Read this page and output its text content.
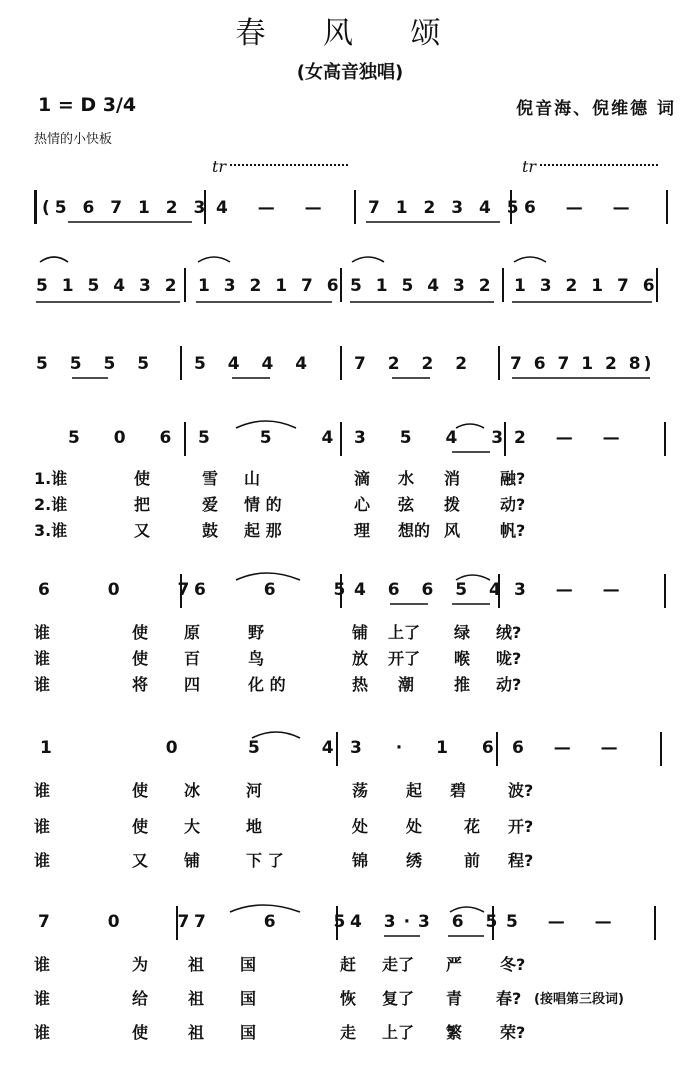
春 风 颂
(女高音独唱)
1 = D 3/4	倪音海、倪维德 词
热情的小快板
tr	tr
(5 6 7 1 2 3 4 — — 7 1 2 3 4 5 6 — —
5 1 5 4 3 2 1 3 2 1 7 6 5 1 5 4 3 2 1 3 2 1 7 6
5 5 5 5 5 4 4 4 7 2 2 2 7 6 7 1 2 8)
5 0 6 5 5 4
3 5 4 3
2 — —
1.谁	使	雪 山	滴 水 消 融?
2.谁	把	爱 情 的	心 弦 拨 动?
3.谁	又	鼓 起 那	理 想的 风 帆?
6 0 7
6 6 5
4 6 6 5 4 3 — —
谁	使 原	野	铺 上了 绿 绒?
谁	使 百	鸟	放 开了 喉 咙?
谁	将 四	化 的	热 潮 推 动?
1 0 5 4
3 · 1 6 6 — —
谁	使 冰	河	荡 起 碧	波?
谁	使 大	地	处 处	花 开?
谁	又 铺	下 了	锦 绣	前 程?
7 0 7
7 6 5
4 3·3 6 5 5 — —
谁	为 祖 国	赶 走了 严 冬?
谁	给 祖 国	恢 复了 青 春? (接唱第三段词)
谁	使 祖 国	走 上了 繁 荣?
